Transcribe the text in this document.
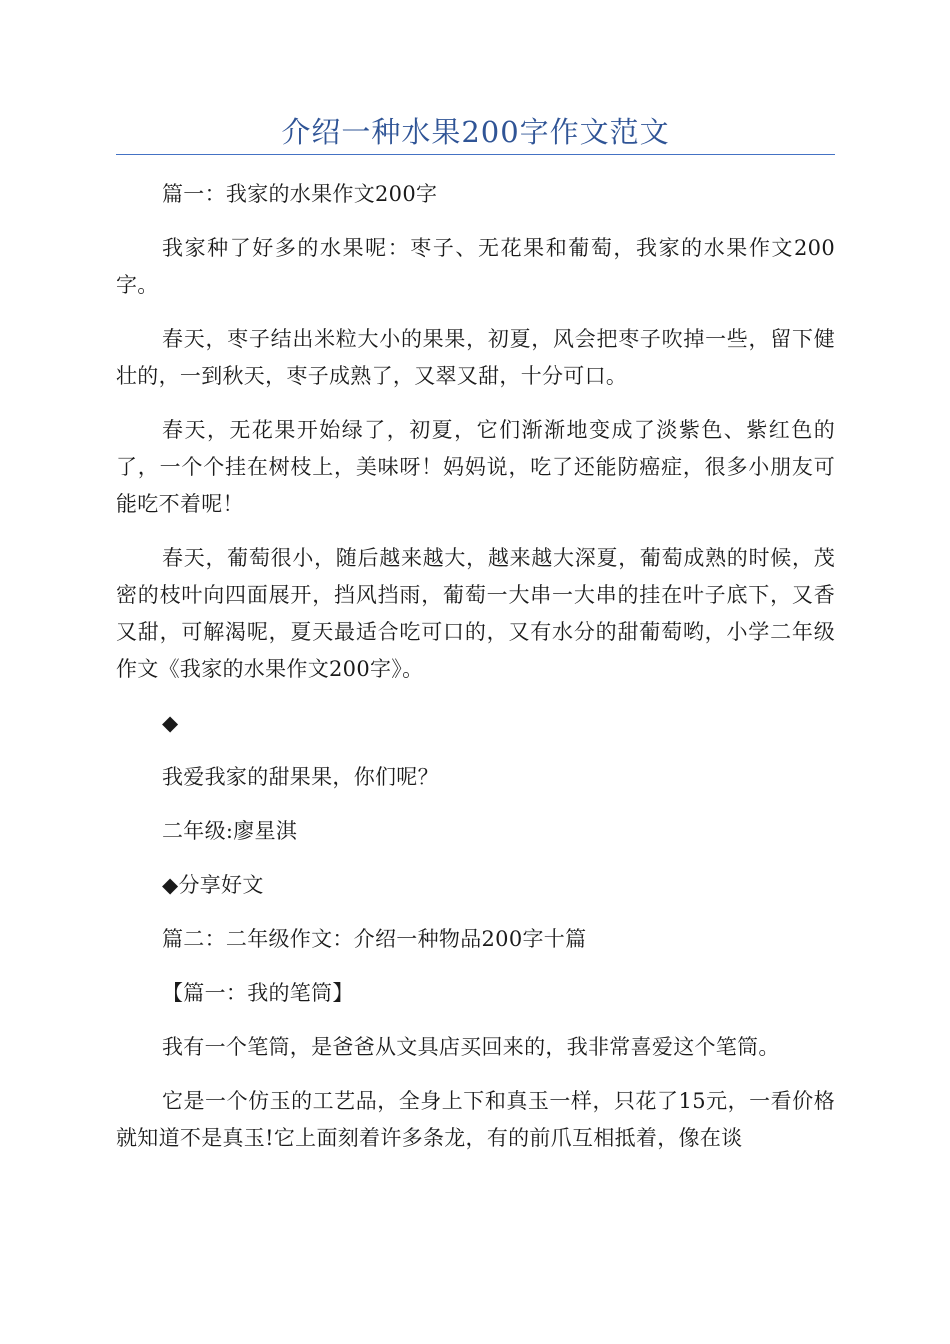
介绍一种水果200字作文范文

篇一：我家的水果作文200字

我家种了好多的水果呢：枣子、无花果和葡萄，我家的水果作文200字。

春天，枣子结出米粒大小的果果，初夏，风会把枣子吹掉一些，留下健壮的，一到秋天，枣子成熟了，又翠又甜，十分可口。

春天，无花果开始绿了，初夏，它们渐渐地变成了淡紫色、紫红色的了，一个个挂在树枝上，美味呀！妈妈说，吃了还能防癌症，很多小朋友可能吃不着呢！

春天，葡萄很小，随后越来越大，越来越大深夏，葡萄成熟的时候，茂密的枝叶向四面展开，挡风挡雨，葡萄一大串一大串的挂在叶子底下，又香又甜，可解渴呢，夏天最适合吃可口的，又有水分的甜葡萄哟，小学二年级作文《我家的水果作文200字》。

◆

我爱我家的甜果果，你们呢？

二年级:廖星淇

◆分享好文

篇二：二年级作文：介绍一种物品200字十篇

【篇一：我的笔筒】

我有一个笔筒，是爸爸从文具店买回来的，我非常喜爱这个笔筒。

它是一个仿玉的工艺品，全身上下和真玉一样，只花了15元，一看价格就知道不是真玉!它上面刻着许多条龙，有的前爪互相抵着，像在谈
